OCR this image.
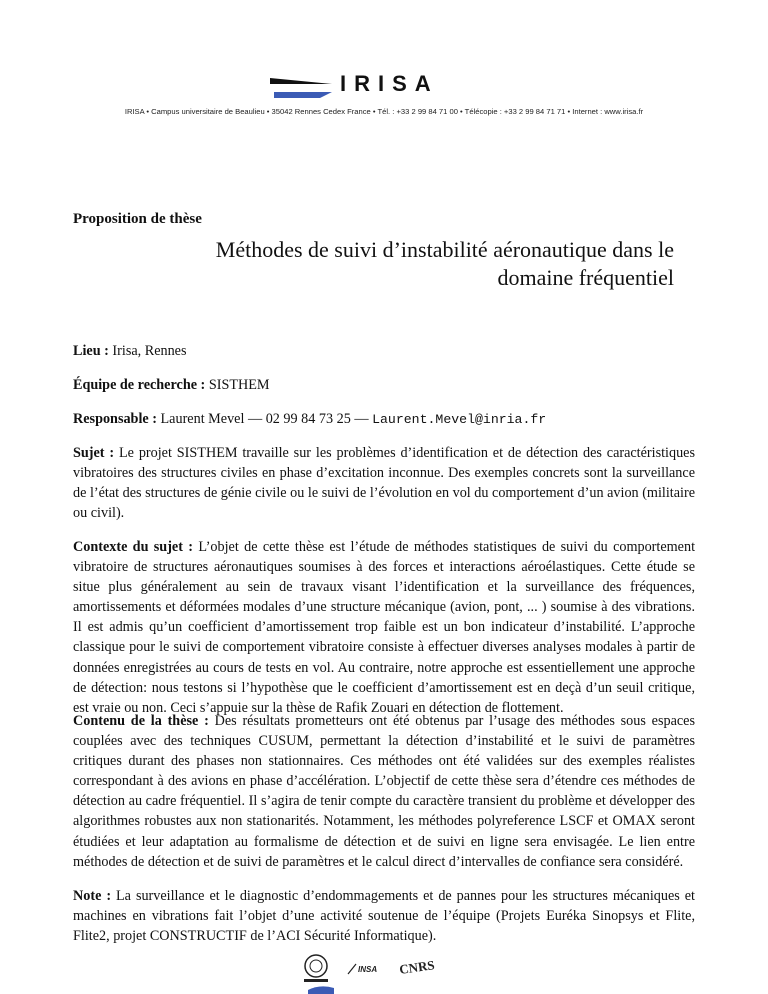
IRISA
IRISA • Campus universitaire de Beaulieu • 35042 Rennes Cedex France • Tél. : +33 2 99 84 71 00 • Télécopie : +33 2 99 84 71 71 • Internet : www.irisa.fr
Proposition de thèse
Méthodes de suivi d’instabilité aéronautique dans le
domaine fréquentiel
Lieu : Irisa, Rennes
Équipe de recherche : SISTHEM
Responsable : Laurent Mevel — 02 99 84 73 25 — Laurent.Mevel@inria.fr
Sujet : Le projet SISTHEM travaille sur les problèmes d’identification et de détection des caractéristiques vibratoires des structures civiles en phase d’excitation inconnue. Des exemples concrets sont la surveillance de l’état des structures de génie civile ou le suivi de l’évolution en vol du comportement d’un avion (militaire ou civil).
Contexte du sujet : L’objet de cette thèse est l’étude de méthodes statistiques de suivi du comportement vibratoire de structures aéronautiques soumises à des forces et interactions aéroélastiques. Cette étude se situe plus généralement au sein de travaux visant l’identification et la surveillance des fréquences, amortissements et déformées modales d’une structure mécanique (avion, pont, ... ) soumise à des vibrations. Il est admis qu’un coefficient d’amortissement trop faible est un bon indicateur d’instabilité. L’approche classique pour le suivi de comportement vibratoire consiste à effectuer diverses analyses modales à partir de données enregistrées au cours de tests en vol. Au contraire, notre approche est essentiellement une approche de détection: nous testons si l’hypothèse que le coefficient d’amortissement est en deçà d’un seuil critique, est vraie ou non. Ceci s’appuie sur la thèse de Rafik Zouari en détection de flottement.
Contenu de la thèse : Des résultats prometteurs ont été obtenus par l’usage des méthodes sous espaces couplées avec des techniques CUSUM, permettant la détection d’instabilité et le suivi de paramètres critiques durant des phases non stationnaires. Ces méthodes ont été validées sur des exemples réalistes correspondant à des avions en phase d’accélération. L’objectif de cette thèse sera d’étendre ces méthodes de détection au cadre fréquentiel. Il s’agira de tenir compte du caractère transient du problème et développer des algorithmes robustes aux non stationarités. Notamment, les méthodes polyreference LSCF et OMAX seront étudiées et leur adaptation au formalisme de détection et de suivi en ligne sera envisagée. Le lien entre méthodes de détection et de suivi de paramètres et le calcul direct d’intervalles de confiance sera considéré.
Note : La surveillance et le diagnostic d’endommagements et de pannes pour les structures mécaniques et machines en vibrations fait l’objet d’une activité soutenue de l’équipe (Projets Euréka Sinopsys et Flite, Flite2, projet CONSTRUCTIF de l’ACI Sécurité Informatique).
INSA CNRS
